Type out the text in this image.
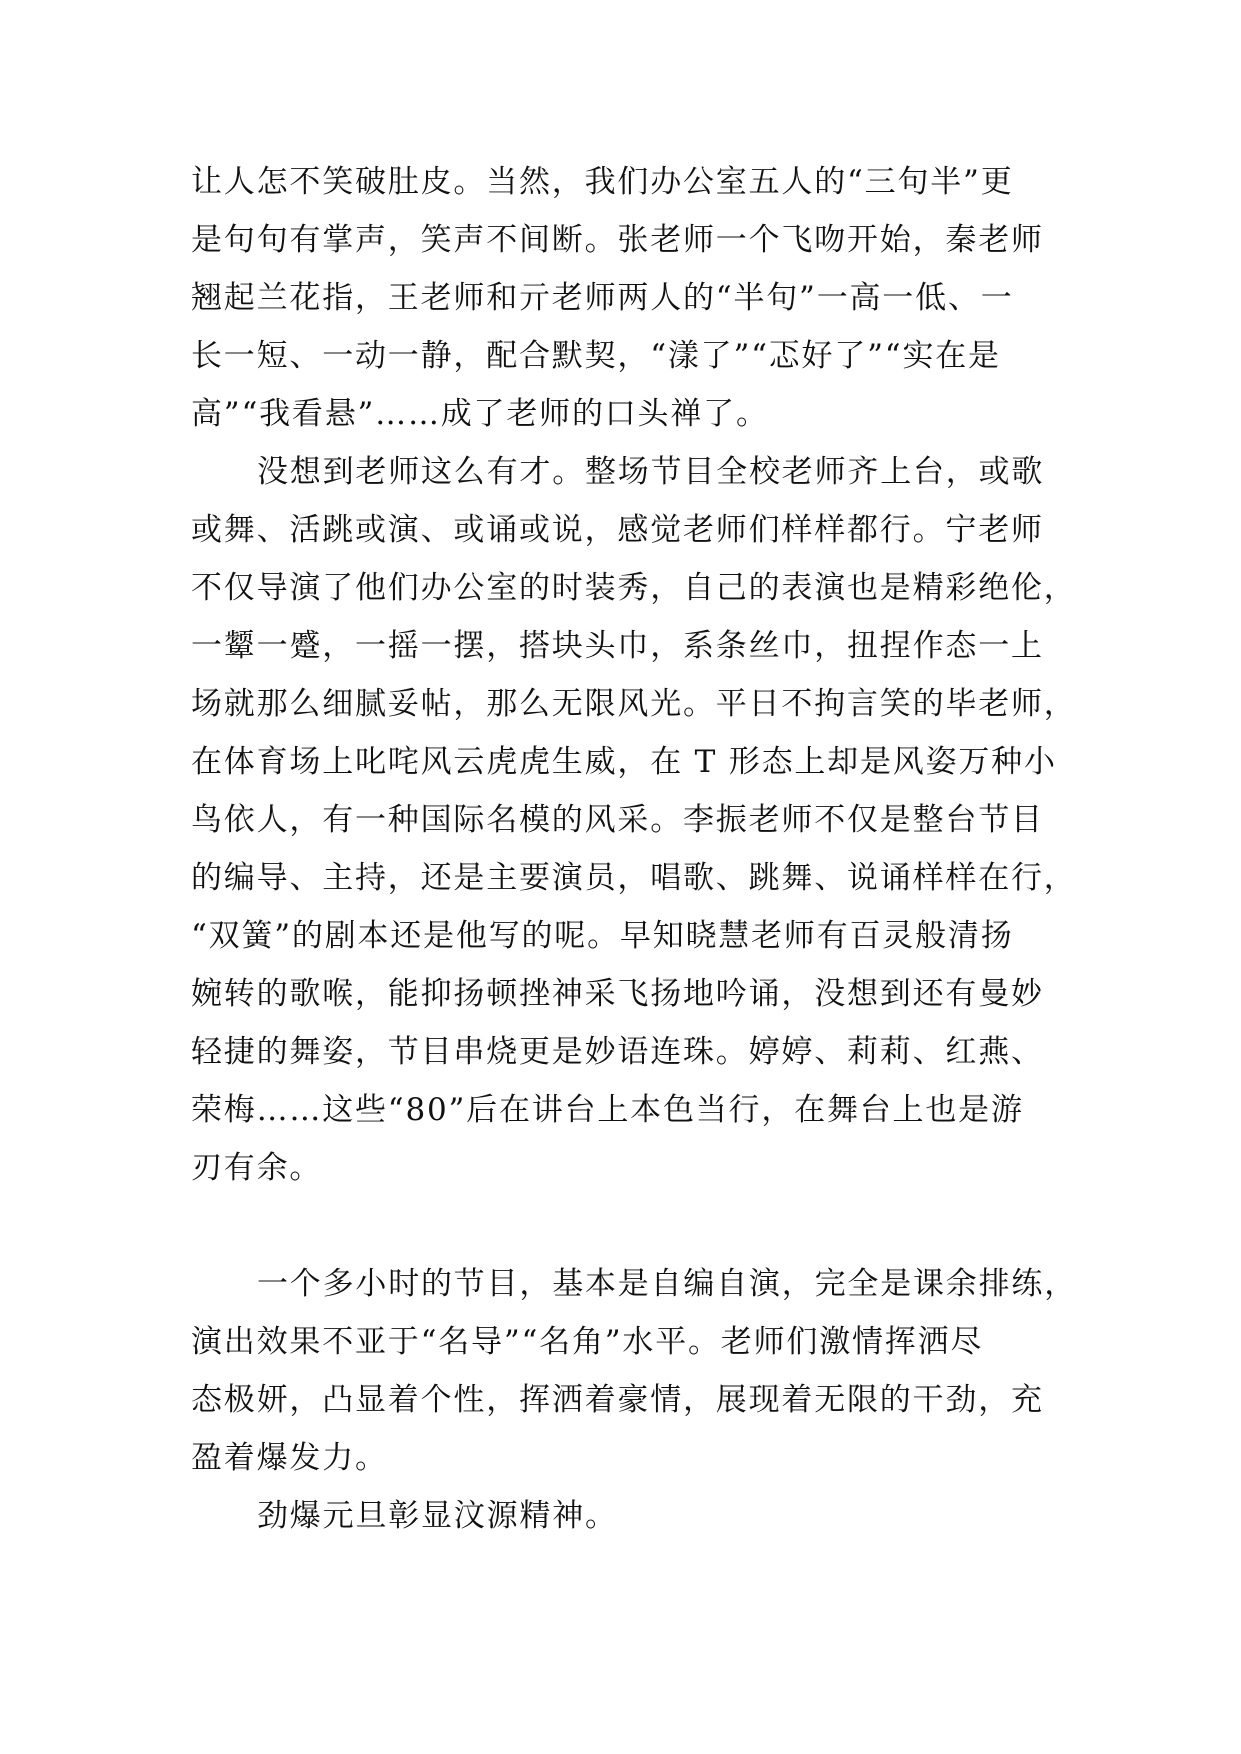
让人怎不笑破肚皮。当然，我们办公室五人的“三句半”更
是句句有掌声，笑声不间断。张老师一个飞吻开始，秦老师
翘起兰花指，王老师和亓老师两人的“半句”一高一低、一
长一短、一动一静，配合默契，“漾了”“忑好了”“实在是
高”“我看悬”……成了老师的口头禅了。
没想到老师这么有才。整场节目全校老师齐上台，或歌
或舞、活跳或演、或诵或说，感觉老师们样样都行。宁老师
不仅导演了他们办公室的时装秀，自己的表演也是精彩绝伦，
一颦一蹙，一摇一摆，搭块头巾，系条丝巾，扭捏作态一上
场就那么细腻妥帖，那么无限风光。平日不拘言笑的毕老师，
在体育场上叱咤风云虎虎生威，在 T 形态上却是风姿万种小
鸟依人，有一种国际名模的风采。李振老师不仅是整台节目
的编导、主持，还是主要演员，唱歌、跳舞、说诵样样在行，
“双簧”的剧本还是他写的呢。早知晓慧老师有百灵般清扬
婉转的歌喉，能抑扬顿挫神采飞扬地吟诵，没想到还有曼妙
轻捷的舞姿，节目串烧更是妙语连珠。婷婷、莉莉、红燕、
荣梅……这些“80”后在讲台上本色当行，在舞台上也是游
刃有余。
一个多小时的节目，基本是自编自演，完全是课余排练，
演出效果不亚于“名导”“名角”水平。老师们激情挥洒尽
态极妍，凸显着个性，挥洒着豪情，展现着无限的干劲，充
盈着爆发力。
劲爆元旦彰显汶源精神。
